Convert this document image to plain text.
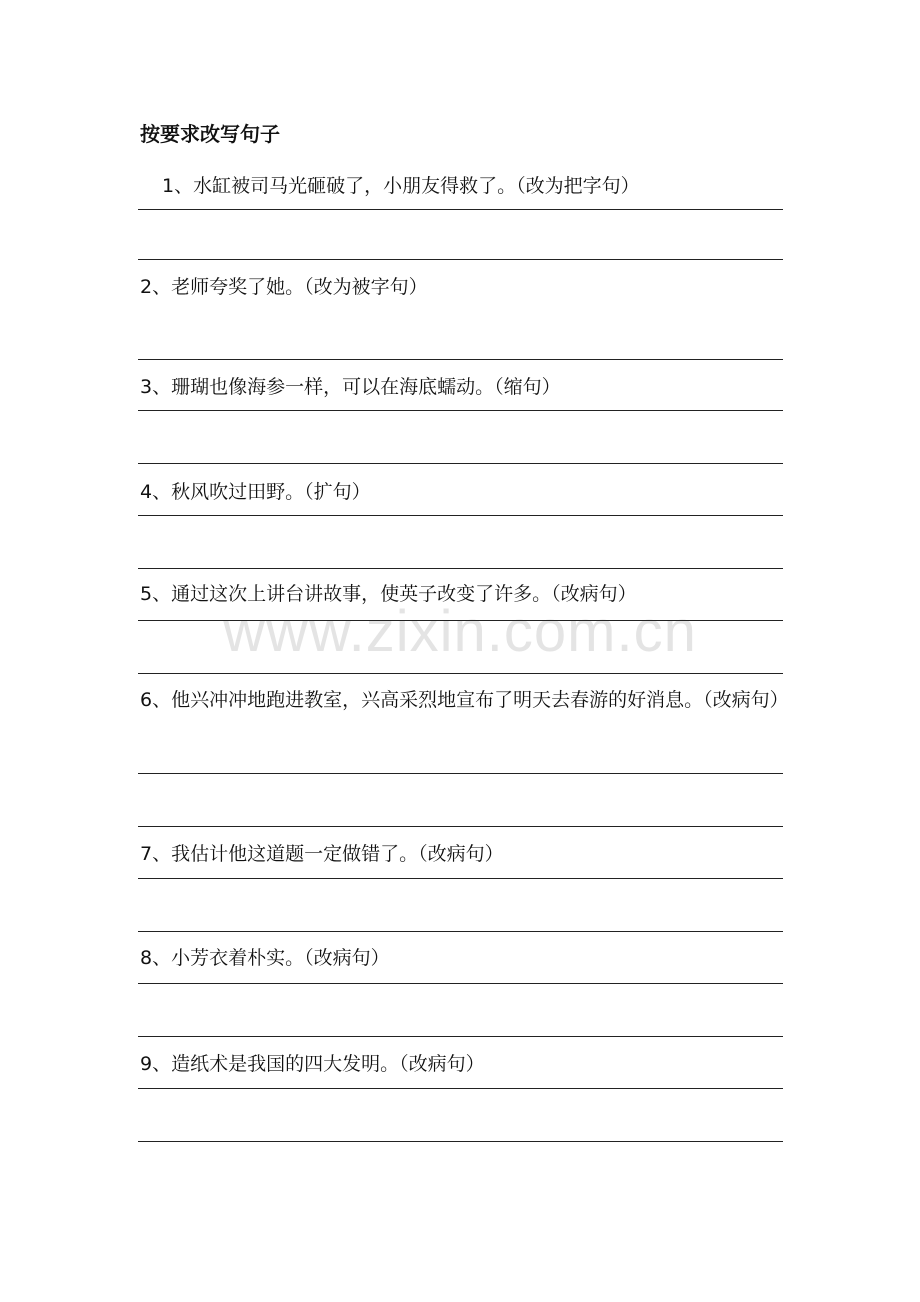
www.zixin.com.cn
按要求改写句子
1、水缸被司马光砸破了，小朋友得救了。（改为把字句）
2、老师夸奖了她。（改为被字句）
3、珊瑚也像海参一样，可以在海底蠕动。（缩句）
4、秋风吹过田野。（扩句）
5、通过这次上讲台讲故事，使英子改变了许多。（改病句）
6、他兴冲冲地跑进教室，兴高采烈地宣布了明天去春游的好消息。（改病句）
7、我估计他这道题一定做错了。（改病句）
8、小芳衣着朴实。（改病句）
9、造纸术是我国的四大发明。（改病句）
